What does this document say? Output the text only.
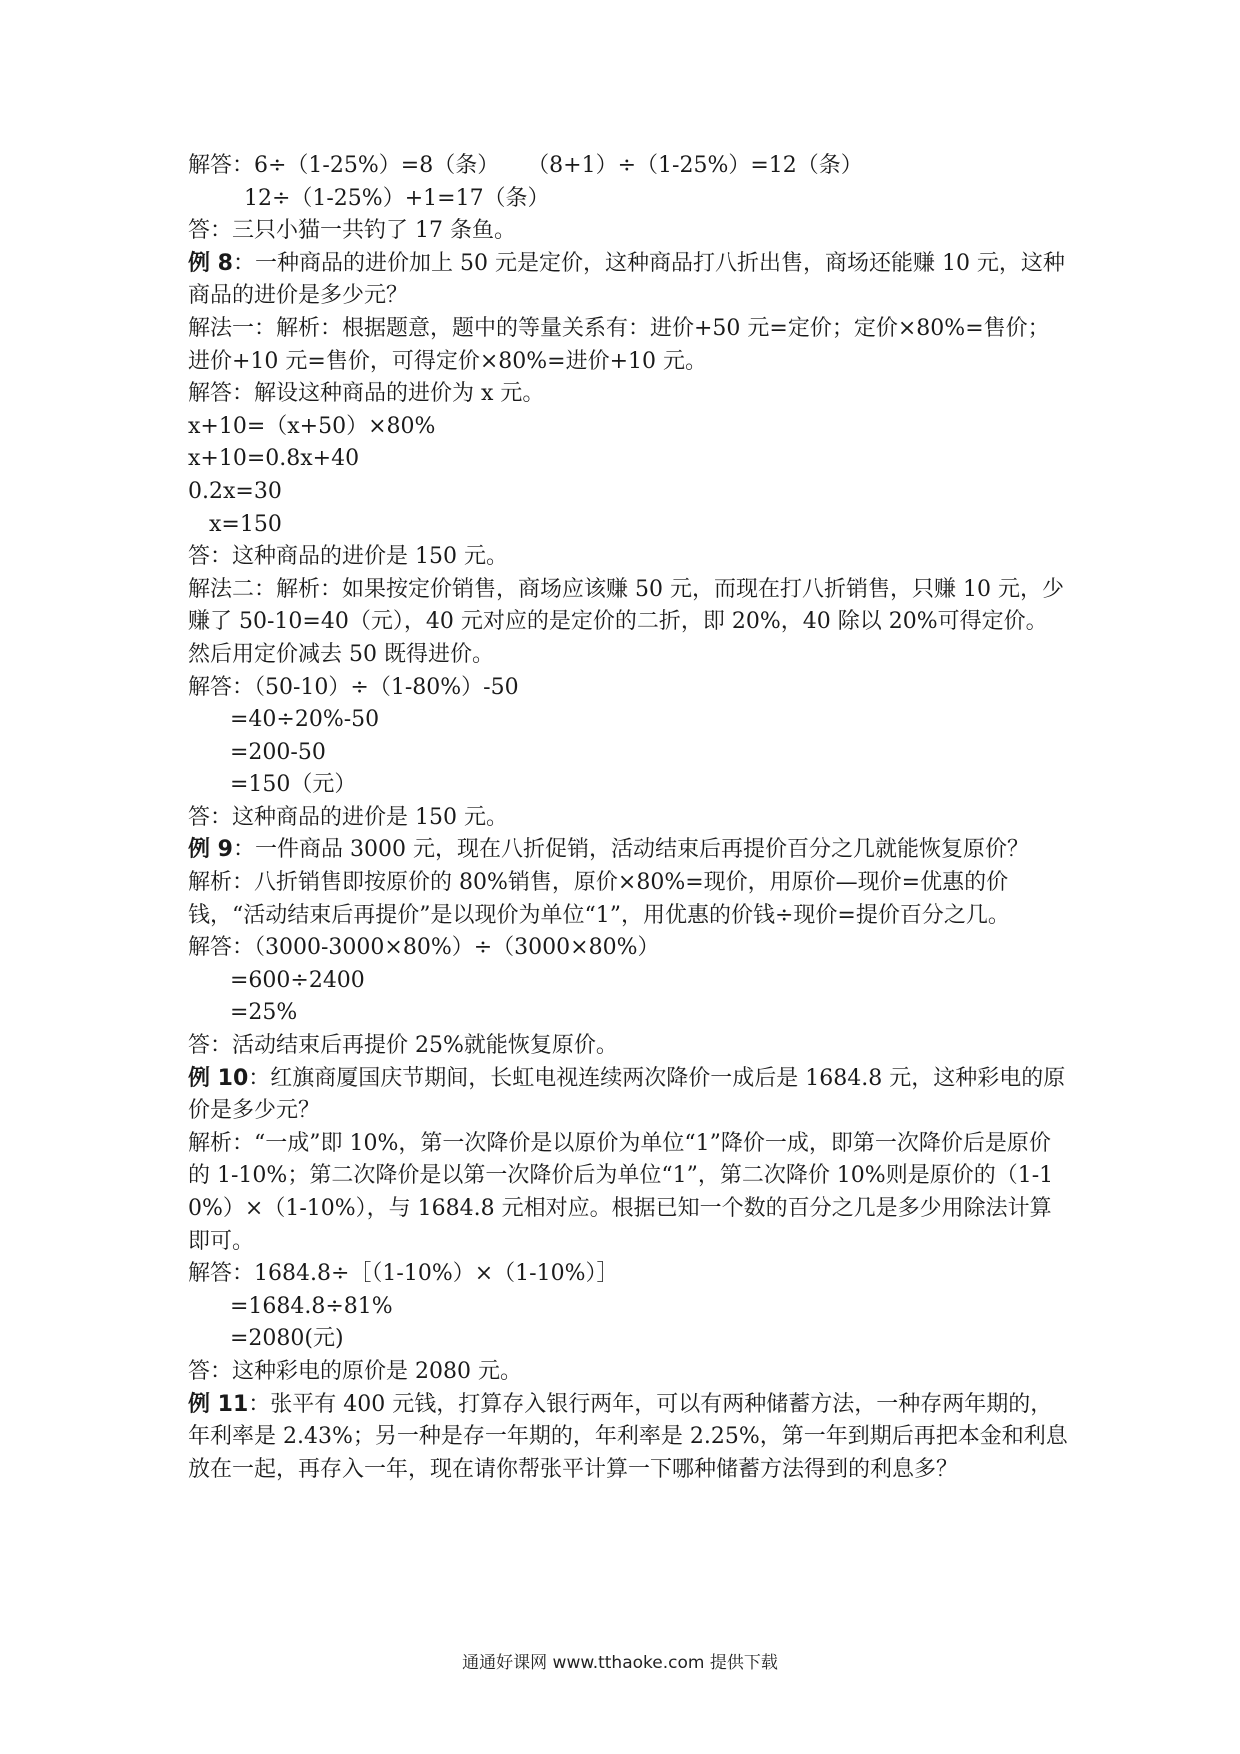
解答：6÷（1-25%）=8（条）    （8+1）÷（1-25%）=12（条）
12÷（1-25%）+1=17（条）
答：三只小猫一共钓了 17 条鱼。
例 8：一种商品的进价加上 50 元是定价，这种商品打八折出售，商场还能赚 10 元，这种商品的进价是多少元？
解法一：解析：根据题意，题中的等量关系有：进价+50 元=定价；定价×80%=售价；进价+10 元=售价，可得定价×80%=进价+10 元。
解答：解设这种商品的进价为 x 元。
x+10=（x+50）×80%
x+10=0.8x+40
0.2x=30
x=150
答：这种商品的进价是 150 元。
解法二：解析：如果按定价销售，商场应该赚 50 元，而现在打八折销售，只赚 10 元，少赚了 50-10=40（元），40 元对应的是定价的二折，即 20%，40 除以 20%可得定价。然后用定价减去 50 既得进价。
解答：（50-10）÷（1-80%）-50
=40÷20%-50
=200-50
=150（元）
答：这种商品的进价是 150 元。
例 9：一件商品 3000 元，现在八折促销，活动结束后再提价百分之几就能恢复原价？
解析：八折销售即按原价的 80%销售，原价×80%=现价，用原价—现价=优惠的价钱，“活动结束后再提价”是以现价为单位“1”，用优惠的价钱÷现价=提价百分之几。
解答：（3000-3000×80%）÷（3000×80%）
=600÷2400
=25%
答：活动结束后再提价 25%就能恢复原价。
例 10：红旗商厦国庆节期间，长虹电视连续两次降价一成后是 1684.8 元，这种彩电的原价是多少元？
解析：“一成”即 10%，第一次降价是以原价为单位“1”降价一成，即第一次降价后是原价的 1-10%；第二次降价是以第一次降价后为单位“1”，第二次降价 10%则是原价的（1-10%）×（1-10%），与 1684.8 元相对应。根据已知一个数的百分之几是多少用除法计算即可。
解答：1684.8÷［（1-10%）×（1-10%）］
=1684.8÷81%
=2080(元)
答：这种彩电的原价是 2080 元。
例 11：张平有 400 元钱，打算存入银行两年，可以有两种储蓄方法，一种存两年期的，年利率是 2.43%；另一种是存一年期的，年利率是 2.25%，第一年到期后再把本金和利息放在一起，再存入一年，现在请你帮张平计算一下哪种储蓄方法得到的利息多？
通通好课网 www.tthaoke.com 提供下载
